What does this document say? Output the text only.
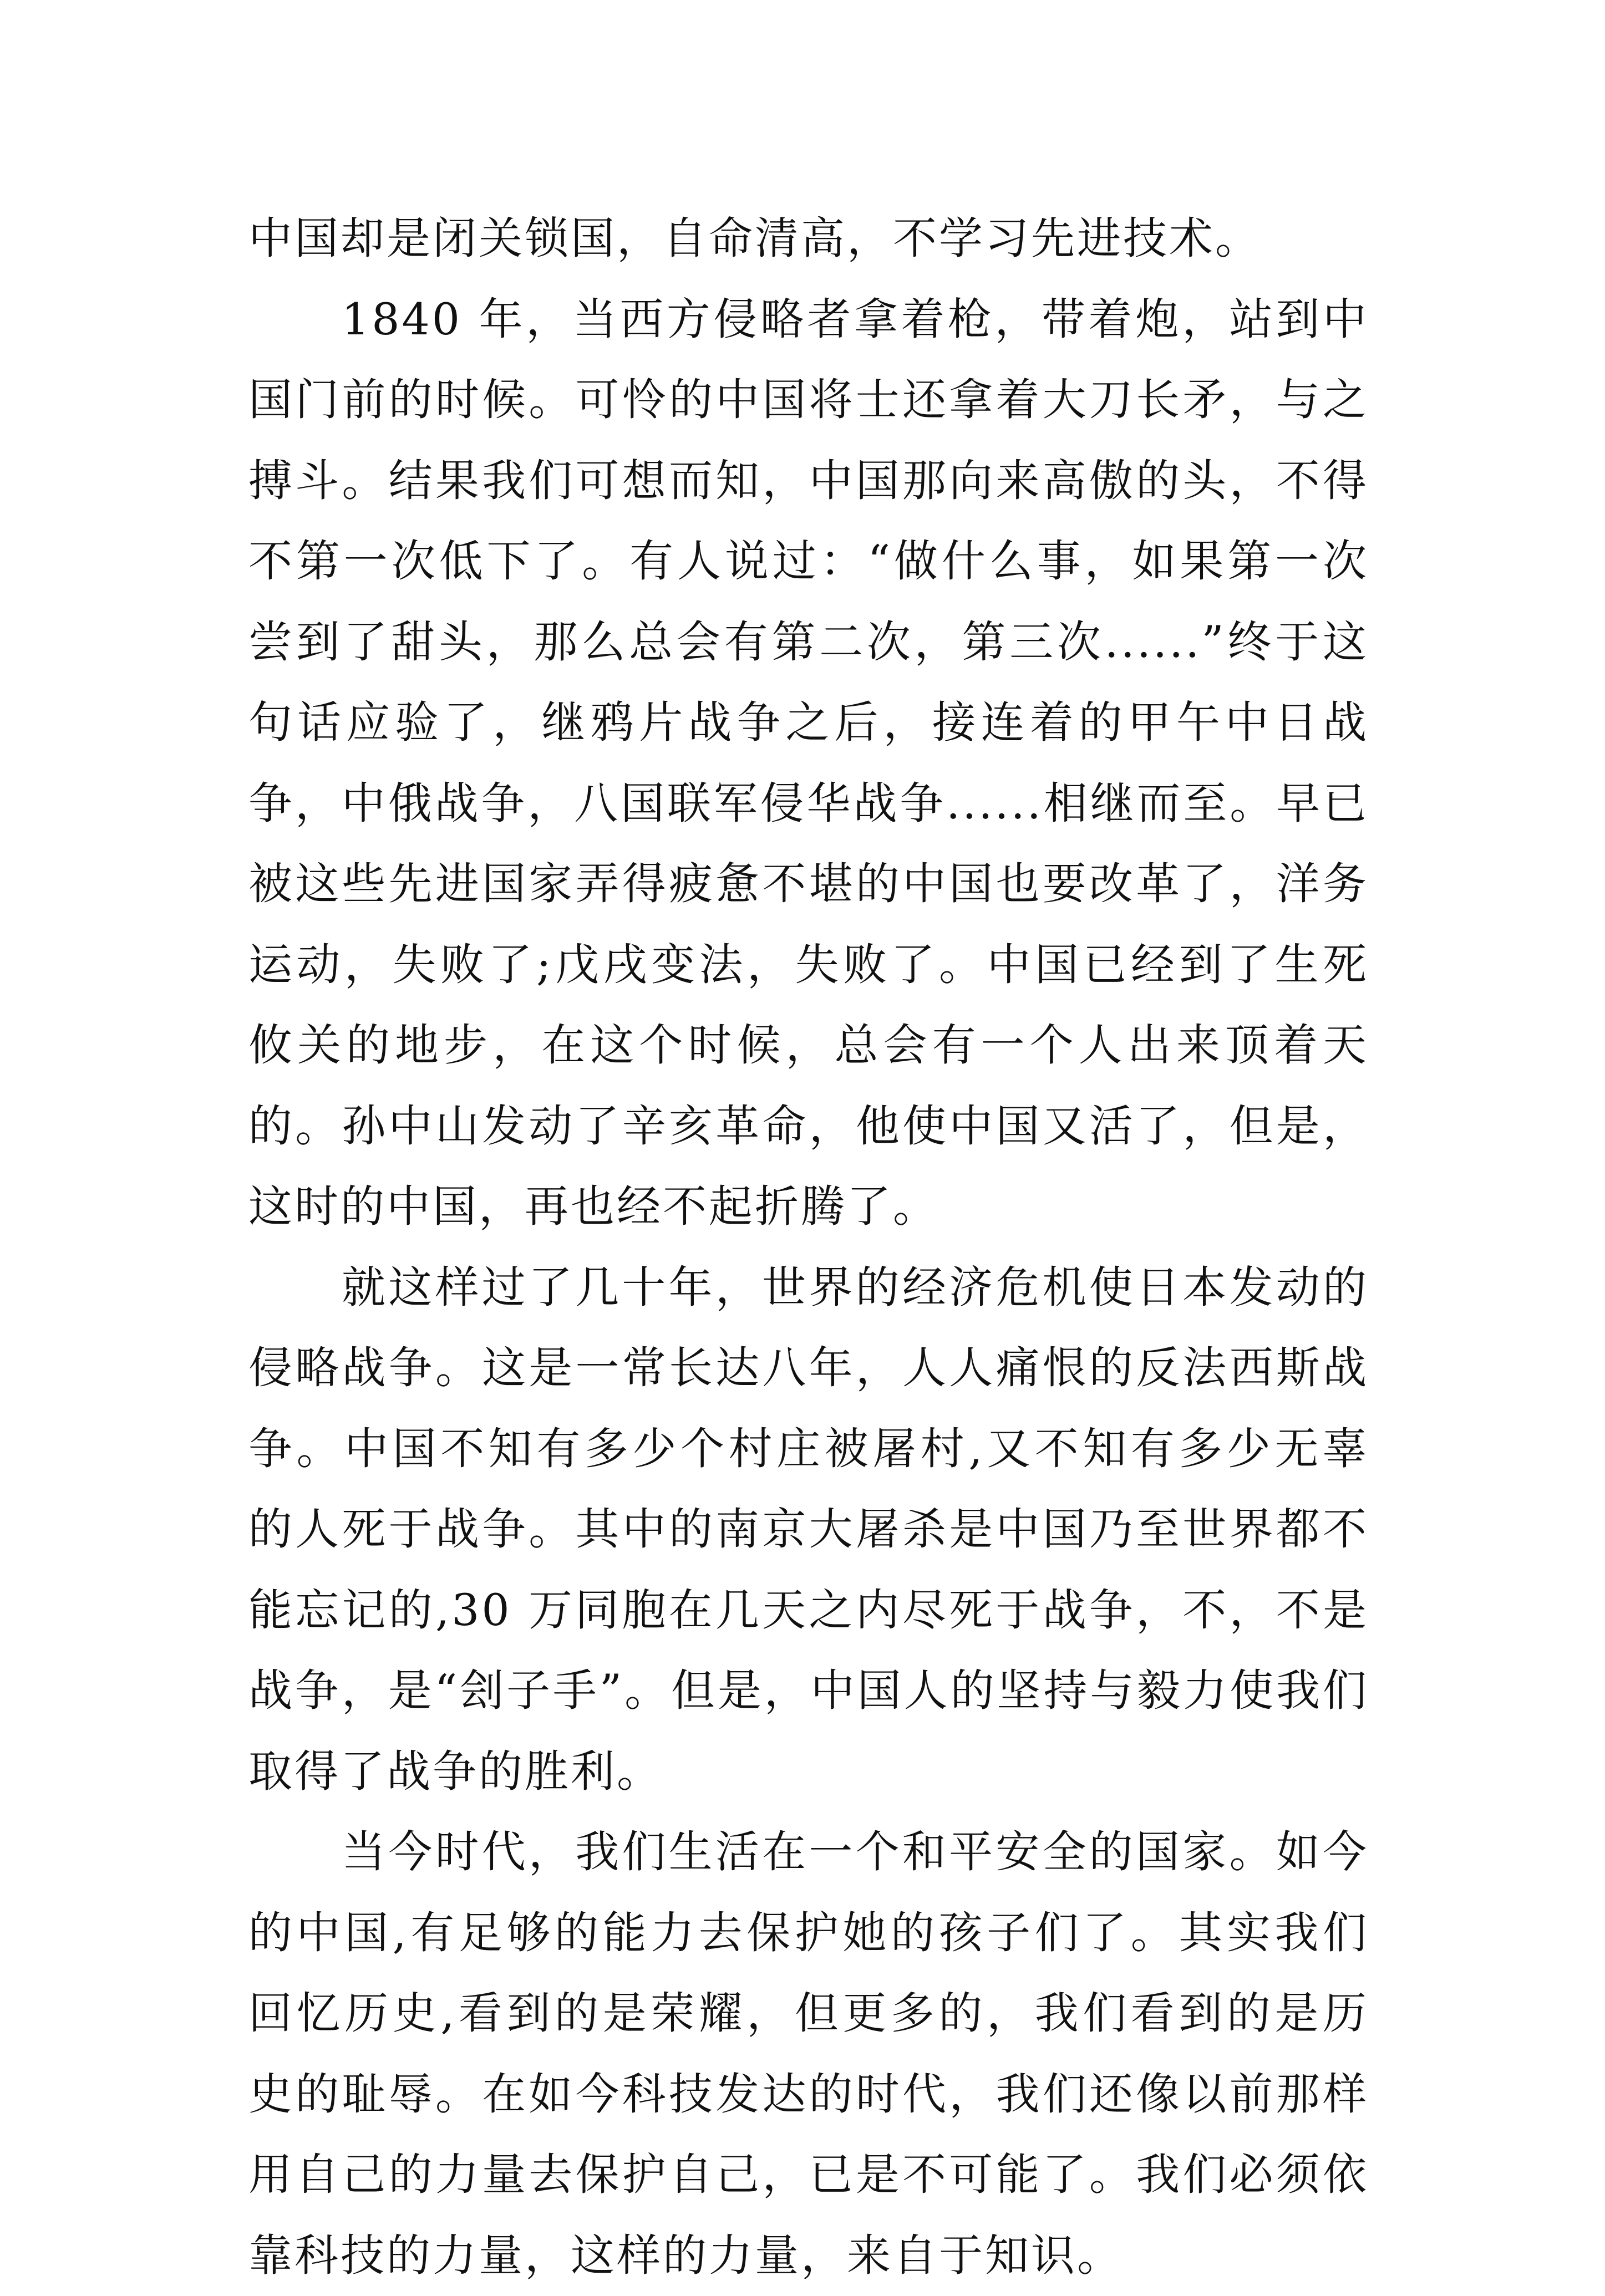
中国却是闭关锁国，自命清高，不学习先进技术。

1840 年，当西方侵略者拿着枪，带着炮，站到中国门前的时候。可怜的中国将士还拿着大刀长矛，与之搏斗。结果我们可想而知，中国那向来高傲的头，不得不第一次低下了。有人说过：“做什么事，如果第一次尝到了甜头，那么总会有第二次，第三次......”终于这句话应验了，继鸦片战争之后，接连着的甲午中日战争，中俄战争，八国联军侵华战争......相继而至。早已被这些先进国家弄得疲惫不堪的中国也要改革了，洋务运动，失败了;戊戌变法，失败了。中国已经到了生死攸关的地步，在这个时候，总会有一个人出来顶着天的。孙中山发动了辛亥革命，他使中国又活了，但是，这时的中国，再也经不起折腾了。

就这样过了几十年，世界的经济危机使日本发动的侵略战争。这是一常长达八年，人人痛恨的反法西斯战争。中国不知有多少个村庄被屠村,又不知有多少无辜的人死于战争。其中的南京大屠杀是中国乃至世界都不能忘记的,30 万同胞在几天之内尽死于战争，不，不是战争，是“刽子手”。但是，中国人的坚持与毅力使我们取得了战争的胜利。

当今时代，我们生活在一个和平安全的国家。如今的中国,有足够的能力去保护她的孩子们了。其实我们回忆历史,看到的是荣耀，但更多的，我们看到的是历史的耻辱。在如今科技发达的时代，我们还像以前那样用自己的力量去保护自己，已是不可能了。我们必须依靠科技的力量，这样的力量，来自于知识。
